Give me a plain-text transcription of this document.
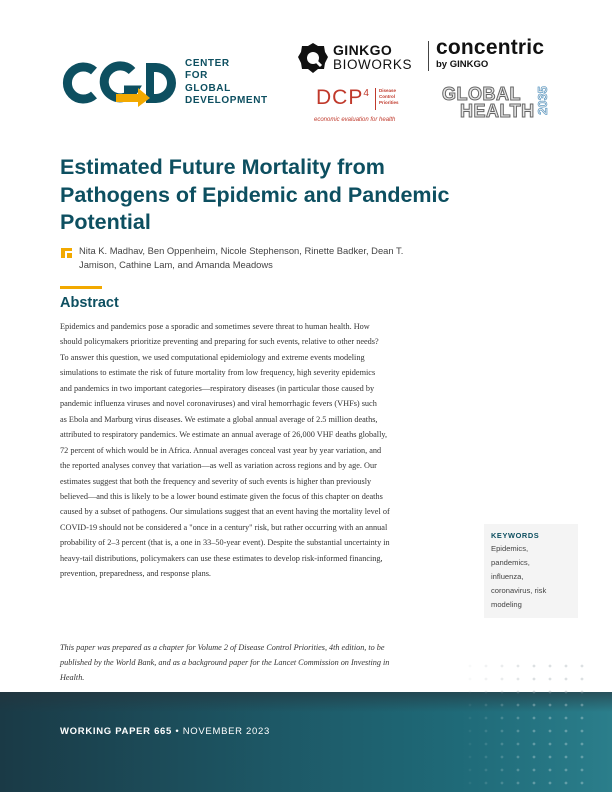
CENTER
FOR
GLOBAL
DEVELOPMENT
GINKGO
BIOWORKS
concentric
by GINKGO
DCP$^4$ Disease
Control
Priorities
economic evaluation for health
GLOBAL
HEALTH 2035
Estimated Future Mortality from Pathogens of Epidemic and Pandemic Potential
Nita K. Madhav, Ben Oppenheim, Nicole Stephenson, Rinette Badker, Dean T. Jamison, Cathine Lam, and Amanda Meadows
Abstract
Epidemics and pandemics pose a sporadic and sometimes severe threat to human health. How
should policymakers prioritize preventing and preparing for such events, relative to other needs?
To answer this question, we used computational epidemiology and extreme events modeling
simulations to estimate the risk of future mortality from low frequency, high severity epidemics
and pandemics in two important categories—respiratory diseases (in particular those caused by
pandemic influenza viruses and novel coronaviruses) and viral hemorrhagic fevers (VHFs) such
as Ebola and Marburg virus diseases. We estimate a global annual average of 2.5 million deaths,
attributed to respiratory pandemics. We estimate an annual average of 26,000 VHF deaths globally,
72 percent of which would be in Africa. Annual averages conceal vast year by year variation, and
the reported analyses convey that variation—as well as variation across regions and by age. Our
estimates suggest that both the frequency and severity of such events is higher than previously
believed—and this is likely to be a lower bound estimate given the focus of this chapter on deaths
caused by a subset of pathogens. Our simulations suggest that an event having the mortality level of
COVID-19 should not be considered a "once in a century" risk, but rather occurring with an annual
probability of 2–3 percent (that is, a one in 33–50-year event). Despite the substantial uncertainty in
heavy-tail distributions, policymakers can use these estimates to develop risk-informed financing,
prevention, preparedness, and response plans.
KEYWORDS
Epidemics,
pandemics,
influenza,
coronavirus, risk
modeling
This paper was prepared as a chapter for Volume 2 of Disease Control Priorities, 4th edition, to be
published by the World Bank, and as a background paper for the Lancet Commission on Investing in
Health.
WORKING PAPER 665 • NOVEMBER 2023
